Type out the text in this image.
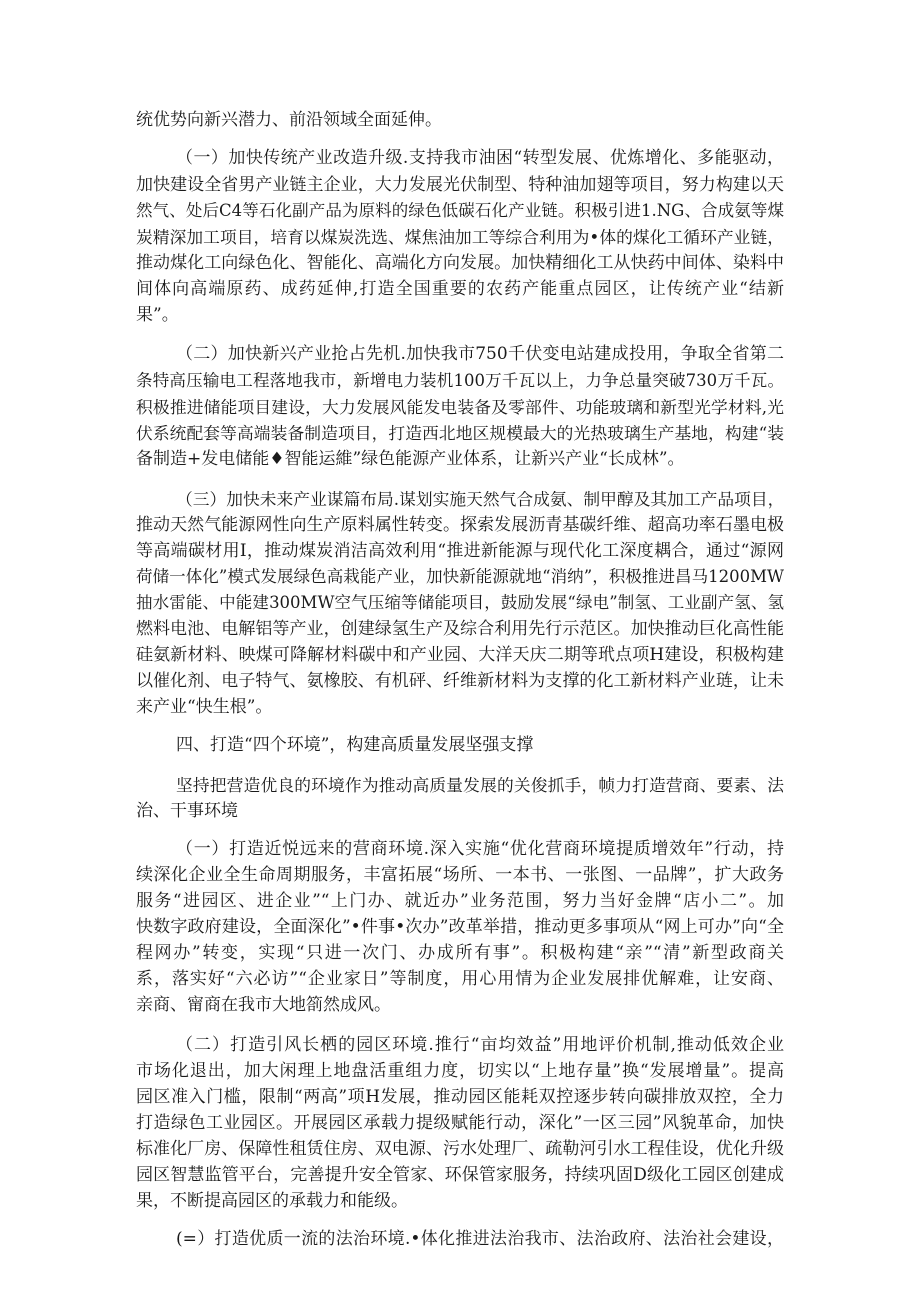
统优势向新兴潜力、前沿领域全面延伸。
（一）加快传统产业改造升级.支持我市油困“转型发展、优炼增化、多能驱动，
加快建设全省男产业链主企业，大力发展光伏制型、特种油加翅等项目，努力构建以天
然气、处后C4等石化副产品为原料的绿色低碳石化产业链。积极引进1.NG、合成氨等煤
炭精深加工项目，培育以煤炭洗选、煤焦油加工等综合利用为•体的煤化工循环产业链，
推动煤化工向绿色化、智能化、高端化方向发展。加快精细化工从快药中间体、染料中
间体向高端原药、成药延伸,打造全国重要的农药产能重点园区，让传统产业“结新
果”。
（二）加快新兴产业抢占先机.加快我市750千伏变电站建成投用，争取全省第二
条特高压输电工程落地我市，新增电力装机100万千瓦以上，力争总量突破730万千瓦。
积极推进储能项目建设，大力发展风能发电装备及零部件、功能玻璃和新型光学材料,光
伏系统配套等高端装备制造项目，打造西北地区规模最大的光热玻璃生产基地，构建“装
备制造+发电储能♦智能运維”绿色能源产业体系，让新兴产业“长成林”。
（三）加快未来产业谋篇布局.谋划实施天然气合成氨、制甲醇及其加工产品项目，
推动天然气能源网性向生产原料属性转变。探索发展沥青基碳纤维、超高功率石墨电极
等高端碳材用I，推动煤炭消洁高效利用“推进新能源与现代化工深度耦合，通过“源网
荷储一体化”模式发展绿色高栽能产业，加快新能源就地“消纳”，积极推进昌马1200MW
抽水雷能、中能建300MW空气压缩等储能项目，鼓励发展“绿电”制氢、工业副产氢、氢
燃料电池、电解铝等产业，创建绿氢生产及综合利用先行示范区。加快推动巨化高性能
硅氨新材料、映煤可降解材料碳中和产业园、大洋天庆二期等玳点项H建设，积极构建
以催化剂、电子特气、氨橡胶、有机砰、纤维新材料为支撑的化工新材料产业琏，让未
来产业“快生根”。
四、打造“四个环境”，构建高质量发展坚强支撑
坚持把营造优良的环境作为推动高质量发展的关俊抓手，帧力打造营商、要素、法
治、干事环境
（一）打造近悦远来的营商环境.深入实施“优化营商环境提质增效年”行动，持
续深化企业全生命周期服务，丰富拓展“场所、一本书、一张图、一品牌”，扩大政务
服务“进园区、进企业”“上门办、就近办”业务范围，努力当好金牌“店小二”。加
快数字政府建设，全面深化”•件事•次办”改革举措，推动更多事项从“网上可办”向“全
程网办”转变，实现“只进一次门、办成所有事”。积极构建“亲”“清”新型政商关
系，落实好“六必访”“企业家日”等制度，用心用情为企业发展排优解难，让安商、
亲商、甯商在我市大地箚然成风。
（二）打造引风长栖的园区环境.推行“亩均效益”用地评价机制,推动低效企业
市场化退出，加大闲理上地盘活重组力度，切实以“上地存量”换“发展增量”。提高
园区准入门槛，限制“两高”项H发展，推动园区能耗双控逐步转向碳排放双控，全力
打造绿色工业园区。开展园区承载力提级赋能行动，深化”一区三园”风貌革命，加快
标准化厂房、保障性租赁住房、双电源、污水处理厂、疏勒河引水工程佳设，优化升级
园区智慧监管平台，完善提升安全管家、环保管家服务，持续巩固D级化工园区创建成
果，不断提高园区的承载力和能级。
(=）打造优质一流的法治环境.•体化推进法治我市、法治政府、法治社会建设，
